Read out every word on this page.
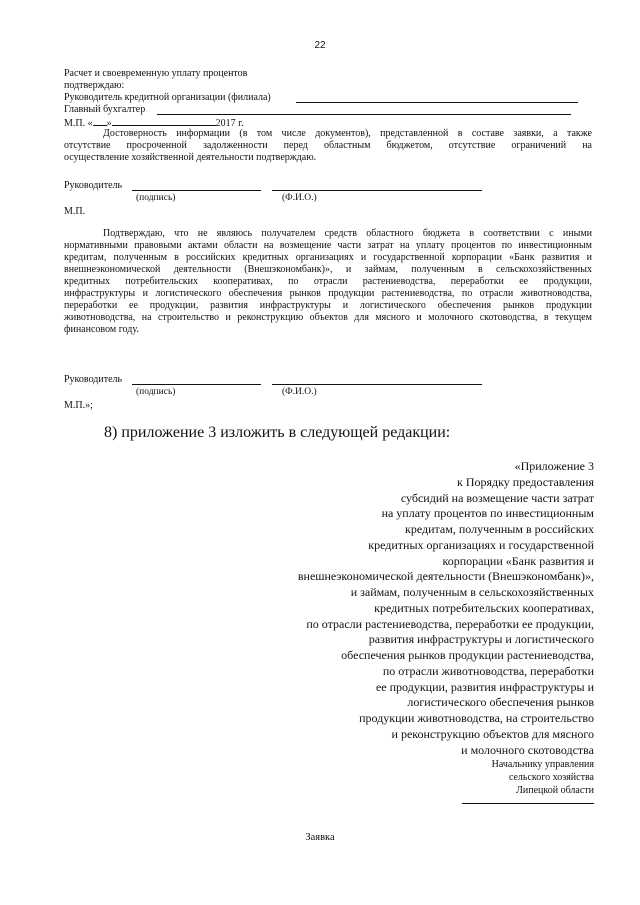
22
Расчет и своевременную уплату процентов
подтверждаю:
Руководитель кредитной организации (филиала)
Главный бухгалтер
М.П. « »	2017 г.
Достоверность информации (в том числе документов), представленной в составе заявки, а также
отсутствие просроченной задолженности перед областным бюджетом, отсутствие ограничений на
осуществление хозяйственной деятельности подтверждаю.
Руководитель
(подпись)	(Ф.И.О.)
М.П.
Подтверждаю, что не являюсь получателем средств областного бюджета в соответствии с иными
нормативными правовыми актами области на возмещение части затрат на уплату процентов по инвестиционным
кредитам, полученным в российских кредитных организациях и государственной корпорации «Банк развития и
внешнеэкономической деятельности (Внешэкономбанк)», и займам, полученным в сельскохозяйственных
кредитных потребительских кооперативах, по отрасли растениеводства, переработки ее продукции,
инфраструктуры и логистического обеспечения рынков продукции растениеводства, по отрасли животноводства,
переработки ее продукции, развития инфраструктуры и логистического обеспечения рынков продукции
животноводства, на строительство и реконструкцию объектов для мясного и молочного скотоводства, в текущем
финансовом году.
Руководитель
(подпись)	(Ф.И.О.)
М.П.»;
8) приложение 3 изложить в следующей редакции:
«Приложение 3
к Порядку предоставления
субсидий на возмещение части затрат
на уплату процентов по инвестиционным
кредитам, полученным в российских
кредитных организациях и государственной
корпорации «Банк развития и
внешнеэкономической деятельности (Внешэкономбанк)»,
и займам, полученным в сельскохозяйственных
кредитных потребительских кооперативах,
по отрасли растениеводства, переработки ее продукции,
развития инфраструктуры и логистического
обеспечения рынков продукции растениеводства,
по отрасли животноводства, переработки
ее продукции, развития инфраструктуры и
логистического обеспечения рынков
продукции животноводства, на строительство
и реконструкцию объектов для мясного
и молочного скотоводства
Начальнику управления
сельского хозяйства
Липецкой области
Заявка
